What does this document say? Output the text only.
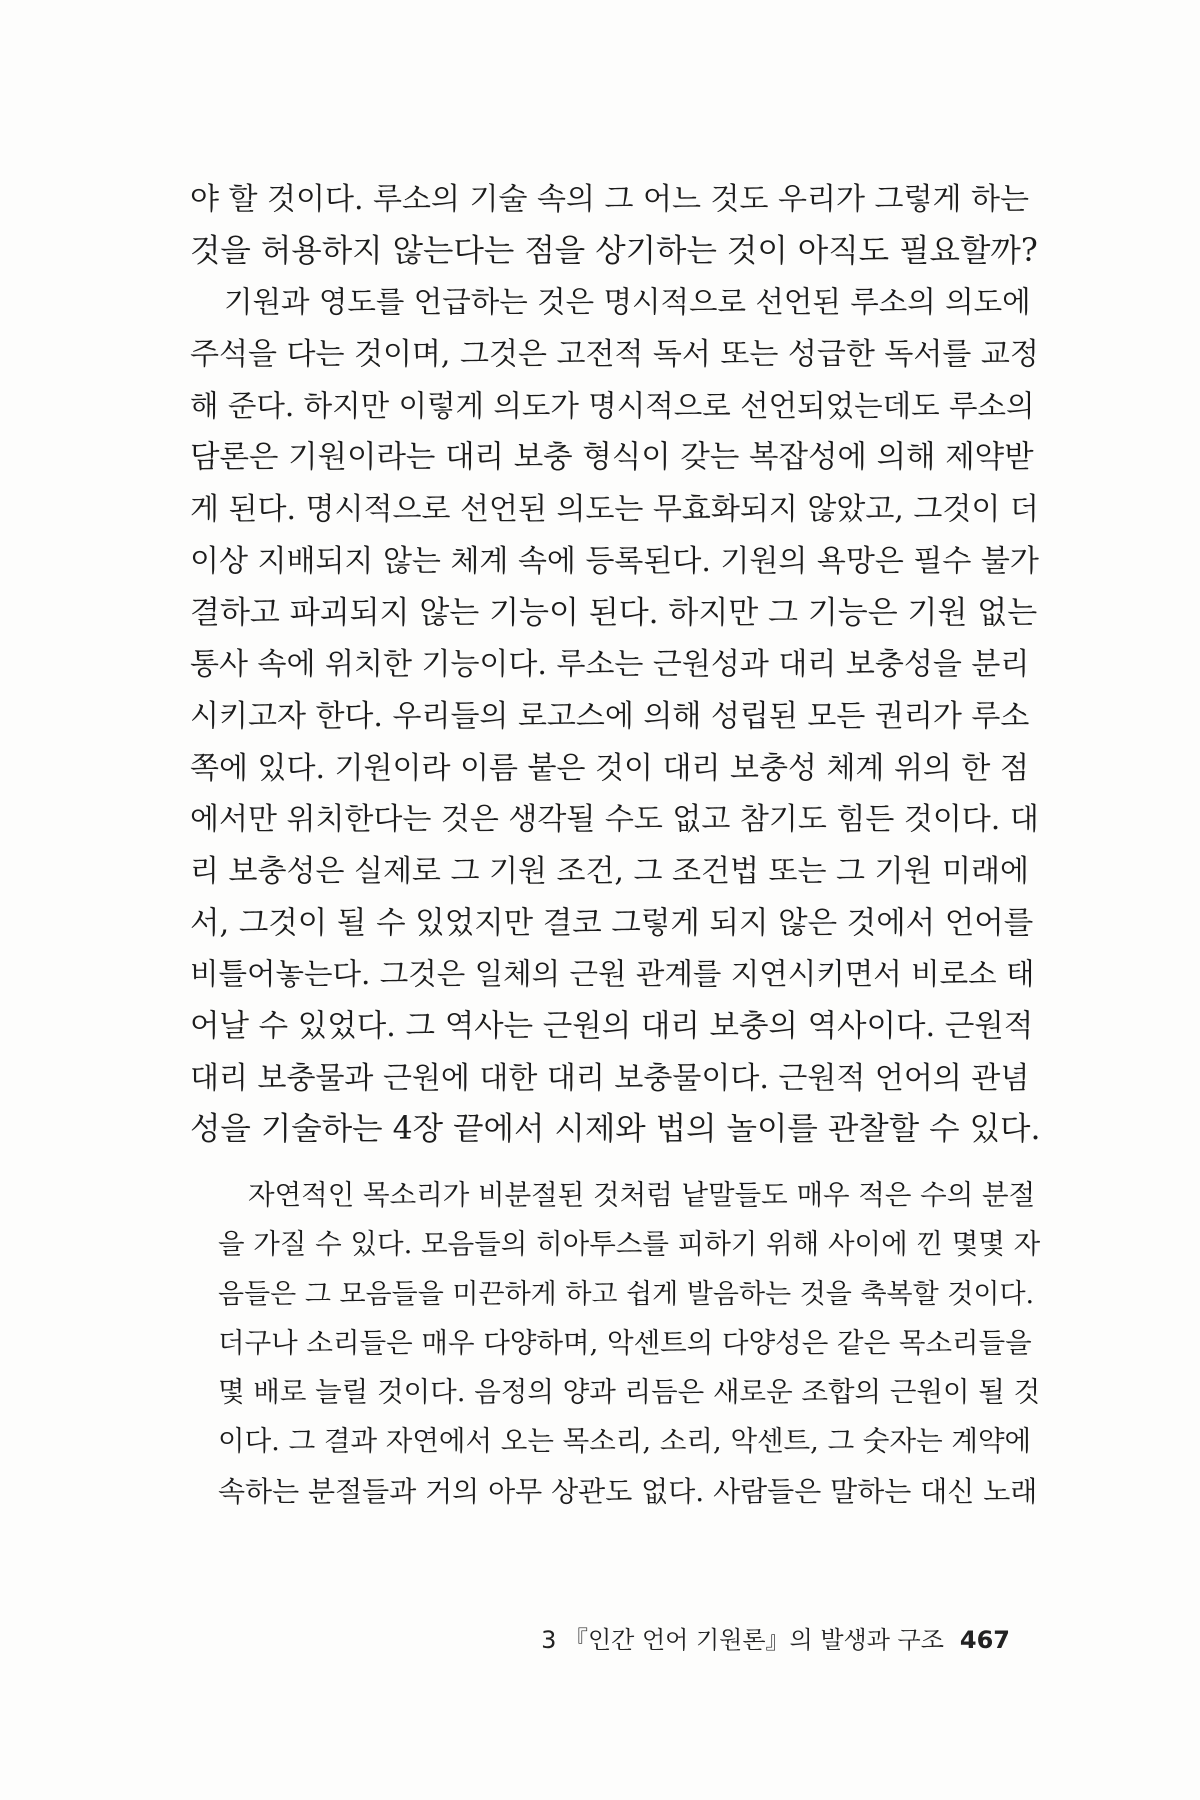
야 할 것이다. 루소의 기술 속의 그 어느 것도 우리가 그렇게 하는
것을 허용하지 않는다는 점을 상기하는 것이 아직도 필요할까?
기원과 영도를 언급하는 것은 명시적으로 선언된 루소의 의도에
주석을 다는 것이며, 그것은 고전적 독서 또는 성급한 독서를 교정
해 준다. 하지만 이렇게 의도가 명시적으로 선언되었는데도 루소의
담론은 기원이라는 대리 보충 형식이 갖는 복잡성에 의해 제약받
게 된다. 명시적으로 선언된 의도는 무효화되지 않았고, 그것이 더
이상 지배되지 않는 체계 속에 등록된다. 기원의 욕망은 필수 불가
결하고 파괴되지 않는 기능이 된다. 하지만 그 기능은 기원 없는
통사 속에 위치한 기능이다. 루소는 근원성과 대리 보충성을 분리
시키고자 한다. 우리들의 로고스에 의해 성립된 모든 권리가 루소
쪽에 있다. 기원이라 이름 붙은 것이 대리 보충성 체계 위의 한 점
에서만 위치한다는 것은 생각될 수도 없고 참기도 힘든 것이다. 대
리 보충성은 실제로 그 기원 조건, 그 조건법 또는 그 기원 미래에
서, 그것이 될 수 있었지만 결코 그렇게 되지 않은 것에서 언어를
비틀어놓는다. 그것은 일체의 근원 관계를 지연시키면서 비로소 태
어날 수 있었다. 그 역사는 근원의 대리 보충의 역사이다. 근원적
대리 보충물과 근원에 대한 대리 보충물이다. 근원적 언어의 관념
성을 기술하는 4장 끝에서 시제와 법의 놀이를 관찰할 수 있다.
자연적인 목소리가 비분절된 것처럼 낱말들도 매우 적은 수의 분절
을 가질 수 있다. 모음들의 히아투스를 피하기 위해 사이에 낀 몇몇 자
음들은 그 모음들을 미끈하게 하고 쉽게 발음하는 것을 축복할 것이다.
더구나 소리들은 매우 다양하며, 악센트의 다양성은 같은 목소리들을
몇 배로 늘릴 것이다. 음정의 양과 리듬은 새로운 조합의 근원이 될 것
이다. 그 결과 자연에서 오는 목소리, 소리, 악센트, 그 숫자는 계약에
속하는 분절들과 거의 아무 상관도 없다. 사람들은 말하는 대신 노래
3 『인간 언어 기원론』의 발생과 구조 467
